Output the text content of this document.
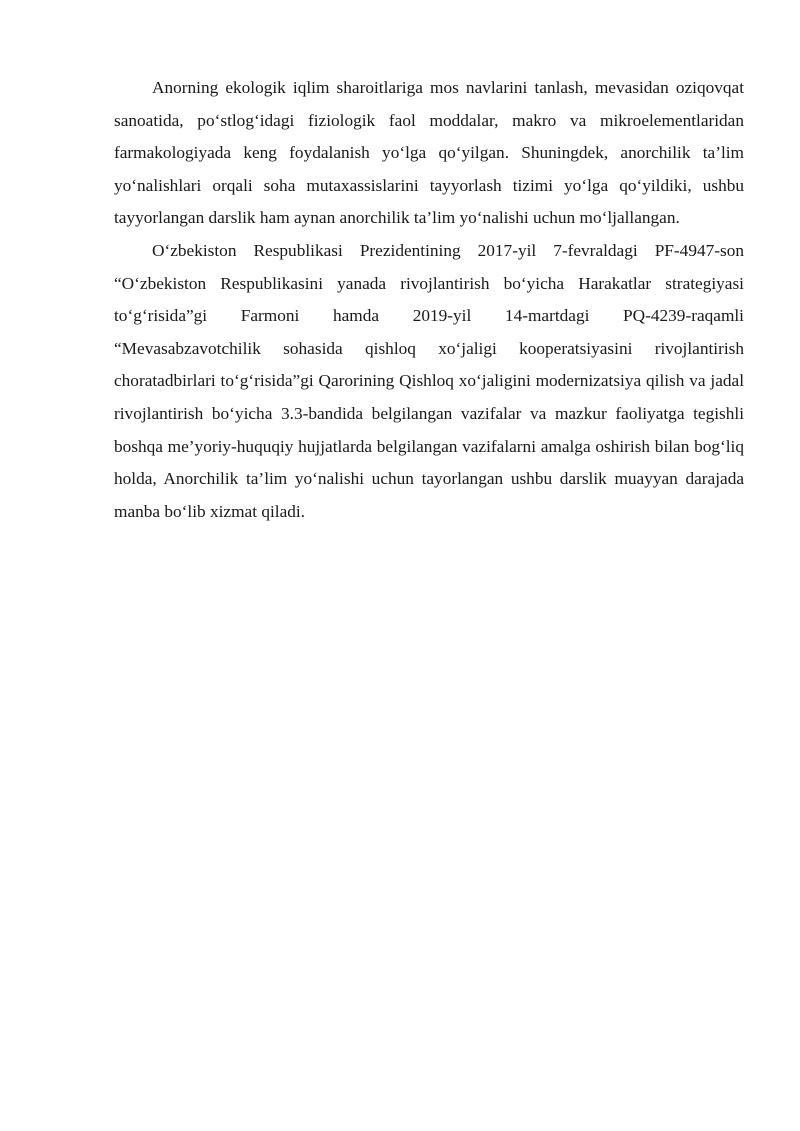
Anorning ekologik iqlim sharoitlariga mos navlarini tanlash, mevasidan oziqovqat sanoatida, po‘stlog‘idagi fiziologik faol moddalar, makro va mikroelementlaridan farmakologiyada keng foydalanish yo‘lga qo‘yilgan. Shuningdek, anorchilik ta’lim yo‘nalishlari orqali soha mutaxassislarini tayyorlash tizimi yo‘lga qo‘yildiki, ushbu tayyorlangan darslik ham aynan anorchilik ta’lim yo‘nalishi uchun mo‘ljallangan.

O‘zbekiston Respublikasi Prezidentining 2017-yil 7-fevraldagi PF-4947-son “O‘zbekiston Respublikasini yanada rivojlantirish bo‘yicha Harakatlar strategiyasi to‘g‘risida”gi Farmoni hamda 2019-yil 14-martdagi PQ-4239-raqamli “Mevasabzavotchilik sohasida qishloq xo‘jaligi kooperatsiyasini rivojlantirish choratadbirlari to‘g‘risida”gi Qarorining Qishloq xo‘jaligini modernizatsiya qilish va jadal rivojlantirish bo‘yicha 3.3-bandida belgilangan vazifalar va mazkur faoliyatga tegishli boshqa me’yoriy-huquqiy hujjatlarda belgilangan vazifalarni amalga oshirish bilan bog‘liq holda, Anorchilik ta’lim yo‘nalishi uchun tayorlangan ushbu darslik muayyan darajada manba bo‘lib xizmat qiladi.
